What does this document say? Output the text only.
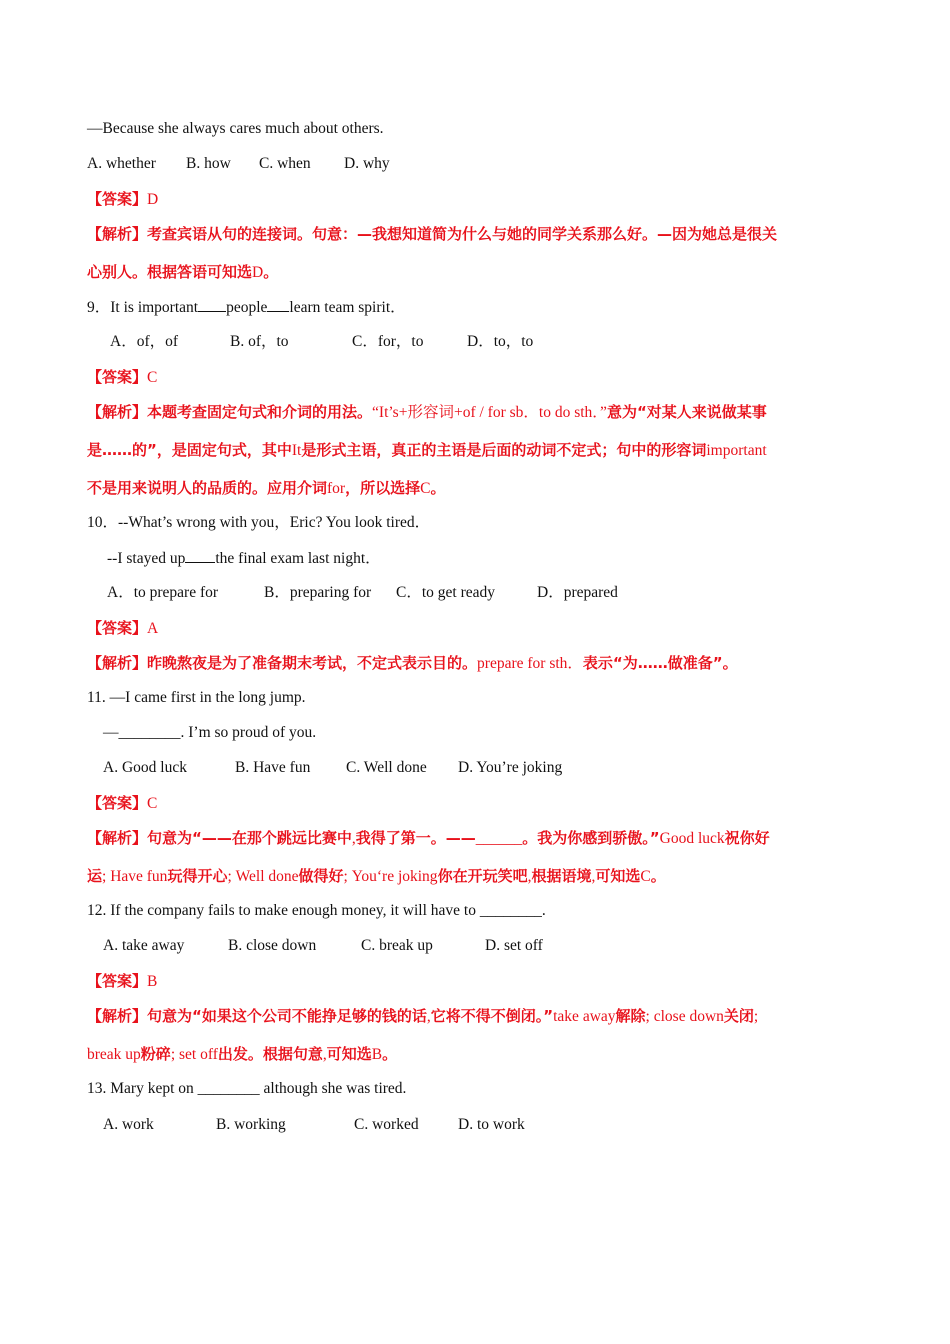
—Because she always cares much about others.
A. whether B. how C. when D. why
【答案】D
【解析】考查宾语从句的连接词。句意：—我想知道简为什么与她的同学关系那么好。—因为她总是很关
心别人。根据答语可知选D。
9．It is important people learn team spirit．
A．of，of	B. of，to	C．for，to	D．to，to
【答案】C
【解析】本题考查固定句式和介词的用法。“It’s+形容词+of / for sb．to do sth．”意为“对某人来说做某事
是……的”，是固定句式，其中It是形式主语，真正的主语是后面的动词不定式；句中的形容词important
不是用来说明人的品质的。应用介词for，所以选择C。
10．--What’s wrong with you，Eric? You look tired．
--I stayed up the final exam last night．
A．to prepare for	B．preparing for C．to get ready	D．prepared
【答案】A
【解析】昨晚熬夜是为了准备期末考试，不定式表示目的。prepare for sth．表示“为……做准备”。
11. —I came first in the long jump.
—________. I’m so proud of you.
A. Good luck	B. Have fun C. Well done D. You’re joking
【答案】C
【解析】句意为“——在那个跳远比赛中,我得了第一。——______。我为你感到骄傲。”Good luck祝你好
运; Have fun玩得开心; Well done做得好; You‘re joking你在开玩笑吧,根据语境,可知选C。
12. If the company fails to make enough money, it will have to ________.
A. take away	B. close down	C. break up	D. set off
【答案】B
【解析】句意为“如果这个公司不能挣足够的钱的话,它将不得不倒闭。”take away解除; close down关闭;
break up粉碎; set off出发。根据句意,可知选B。
13. Mary kept on ________ although she was tired.
A. work	B. working	C. worked	D. to work
